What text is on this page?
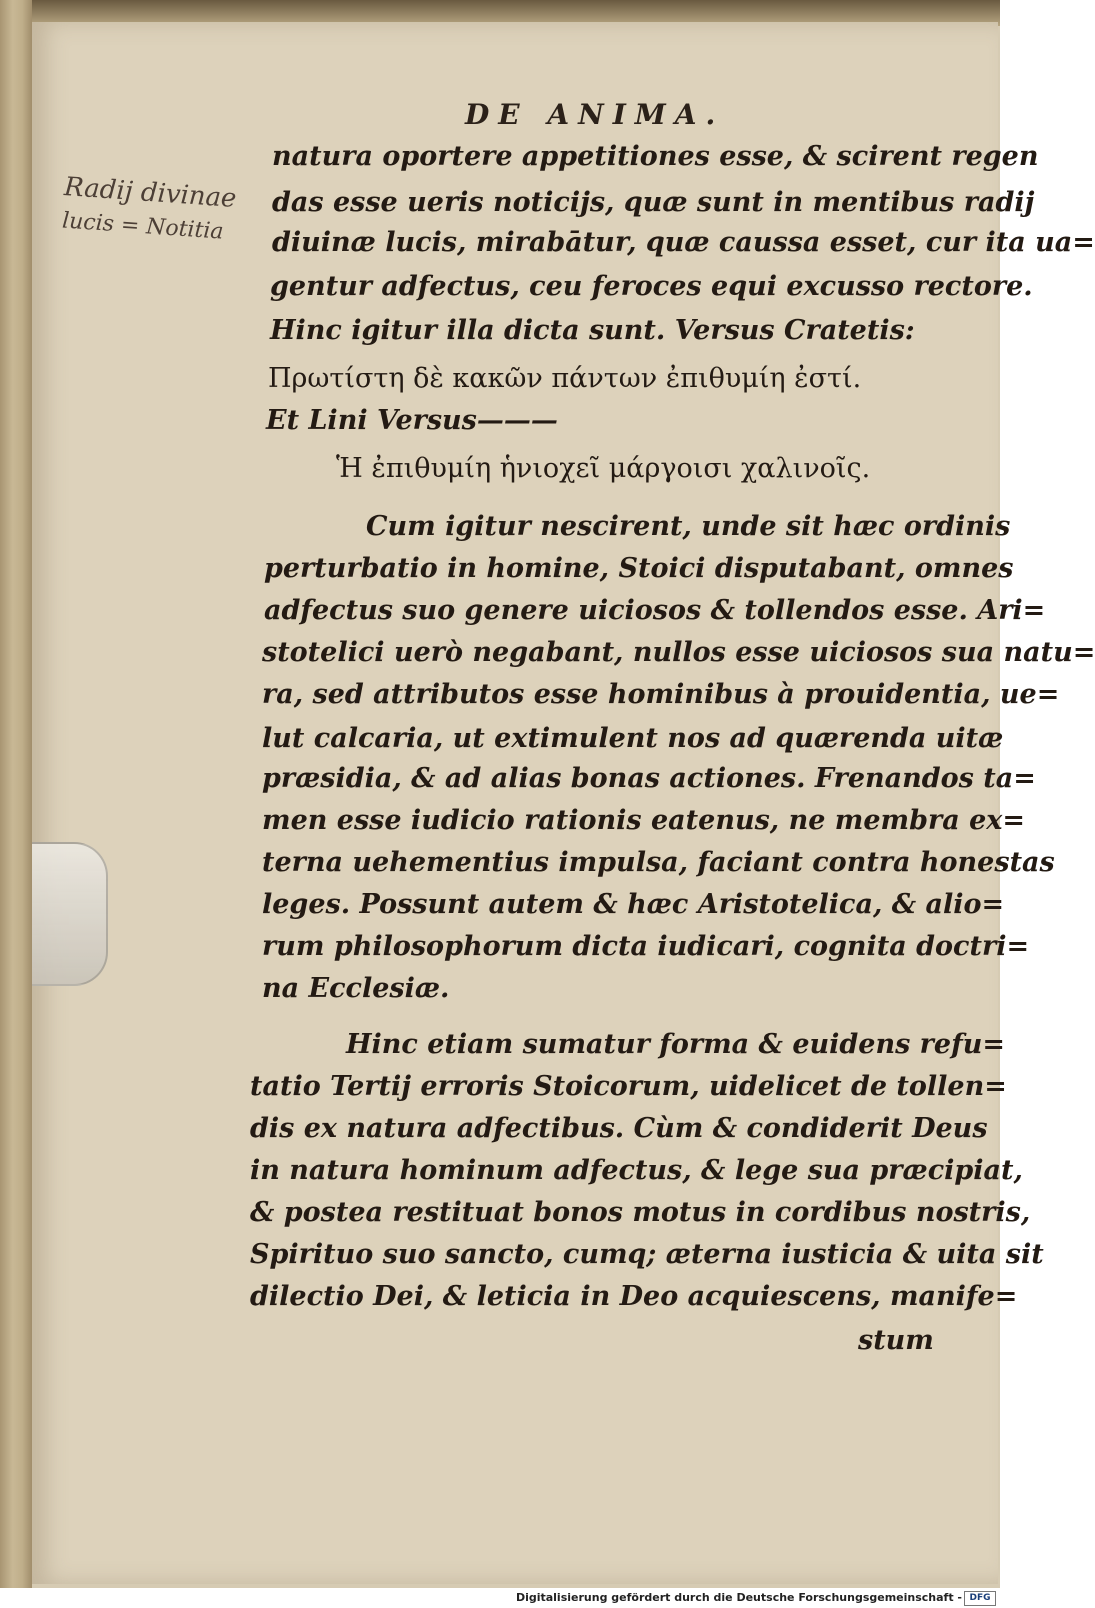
DE ANIMA.
Radij divinae
lucis = Notitia
natura oportere appetitiones esse, & scirent regen
das esse ueris noticijs, quæ sunt in mentibus radij
diuinæ lucis, mirabātur, quæ caussa esset, cur ita ua=
gentur adfectus, ceu feroces equi excusso rectore.
Hinc igitur illa dicta sunt. Versus Cratetis:
Πρωτίστη δὲ κακῶν πάντων ἐπιθυμίη ἐστί.
Et Lini Versus———
Ἡ ἐπιθυμίη ἡνιοχεῖ μάργοισι χαλινοῖς.
Cum igitur nescirent, unde sit hæc ordinis
perturbatio in homine, Stoici disputabant, omnes
adfectus suo genere uiciosos & tollendos esse. Ari=
stotelici uerò negabant, nullos esse uiciosos sua natu=
ra, sed attributos esse hominibus à prouidentia, ue=
lut calcaria, ut extimulent nos ad quærenda uitæ
præsidia, & ad alias bonas actiones. Frenandos ta=
men esse iudicio rationis eatenus, ne membra ex=
terna uehementius impulsa, faciant contra honestas
leges. Possunt autem & hæc Aristotelica, & alio=
rum philosophorum dicta iudicari, cognita doctri=
na Ecclesiæ.
Hinc etiam sumatur forma & euidens refu=
tatio Tertij erroris Stoicorum, uidelicet de tollen=
dis ex natura adfectibus. Cùm & condiderit Deus
in natura hominum adfectus, & lege sua præcipiat,
& postea restituat bonos motus in cordibus nostris,
Spirituo suo sancto, cumq; æterna iusticia & uita sit
dilectio Dei, & leticia in Deo acquiescens, manife=
stum
Digitalisierung gefördert durch die Deutsche Forschungsgemeinschaft - DFG
